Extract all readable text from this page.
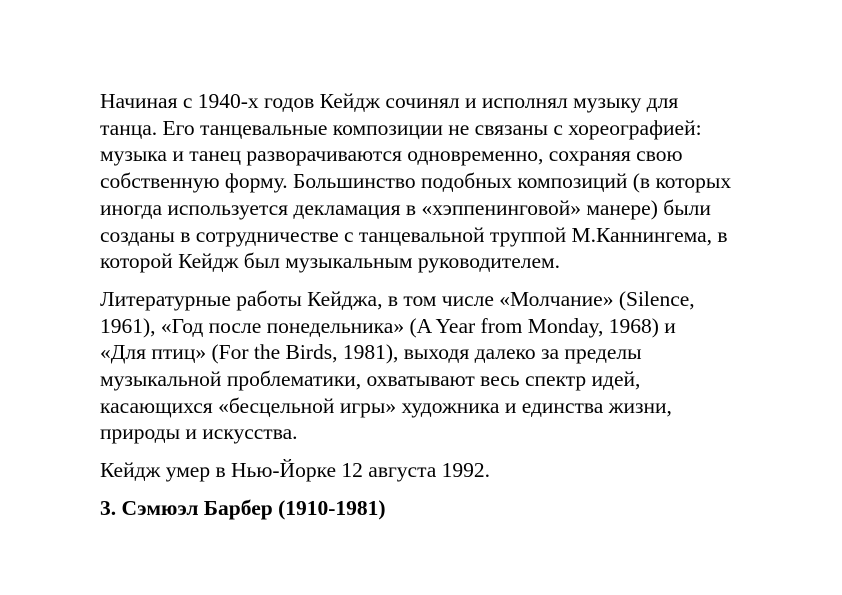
Начиная с 1940-х годов Кейдж сочинял и исполнял музыку для
танца. Его танцевальные композиции не связаны с хореографией:
музыка и танец разворачиваются одновременно, сохраняя свою
собственную форму. Большинство подобных композиций (в которых
иногда используется декламация в «хэппенинговой» манере) были
созданы в сотрудничестве с танцевальной труппой М.Каннингема, в
которой Кейдж был музыкальным руководителем.

Литературные работы Кейджа, в том числе «Молчание» (Silence,
1961), «Год после понедельника» (A Year from Monday, 1968) и
«Для птиц» (For the Birds, 1981), выходя далеко за пределы
музыкальной проблематики, охватывают весь спектр идей,
касающихся «бесцельной игры» художника и единства жизни,
природы и искусства.

Кейдж умер в Нью-Йорке 12 августа 1992.

3. Сэмюэл Барбер (1910-1981)
